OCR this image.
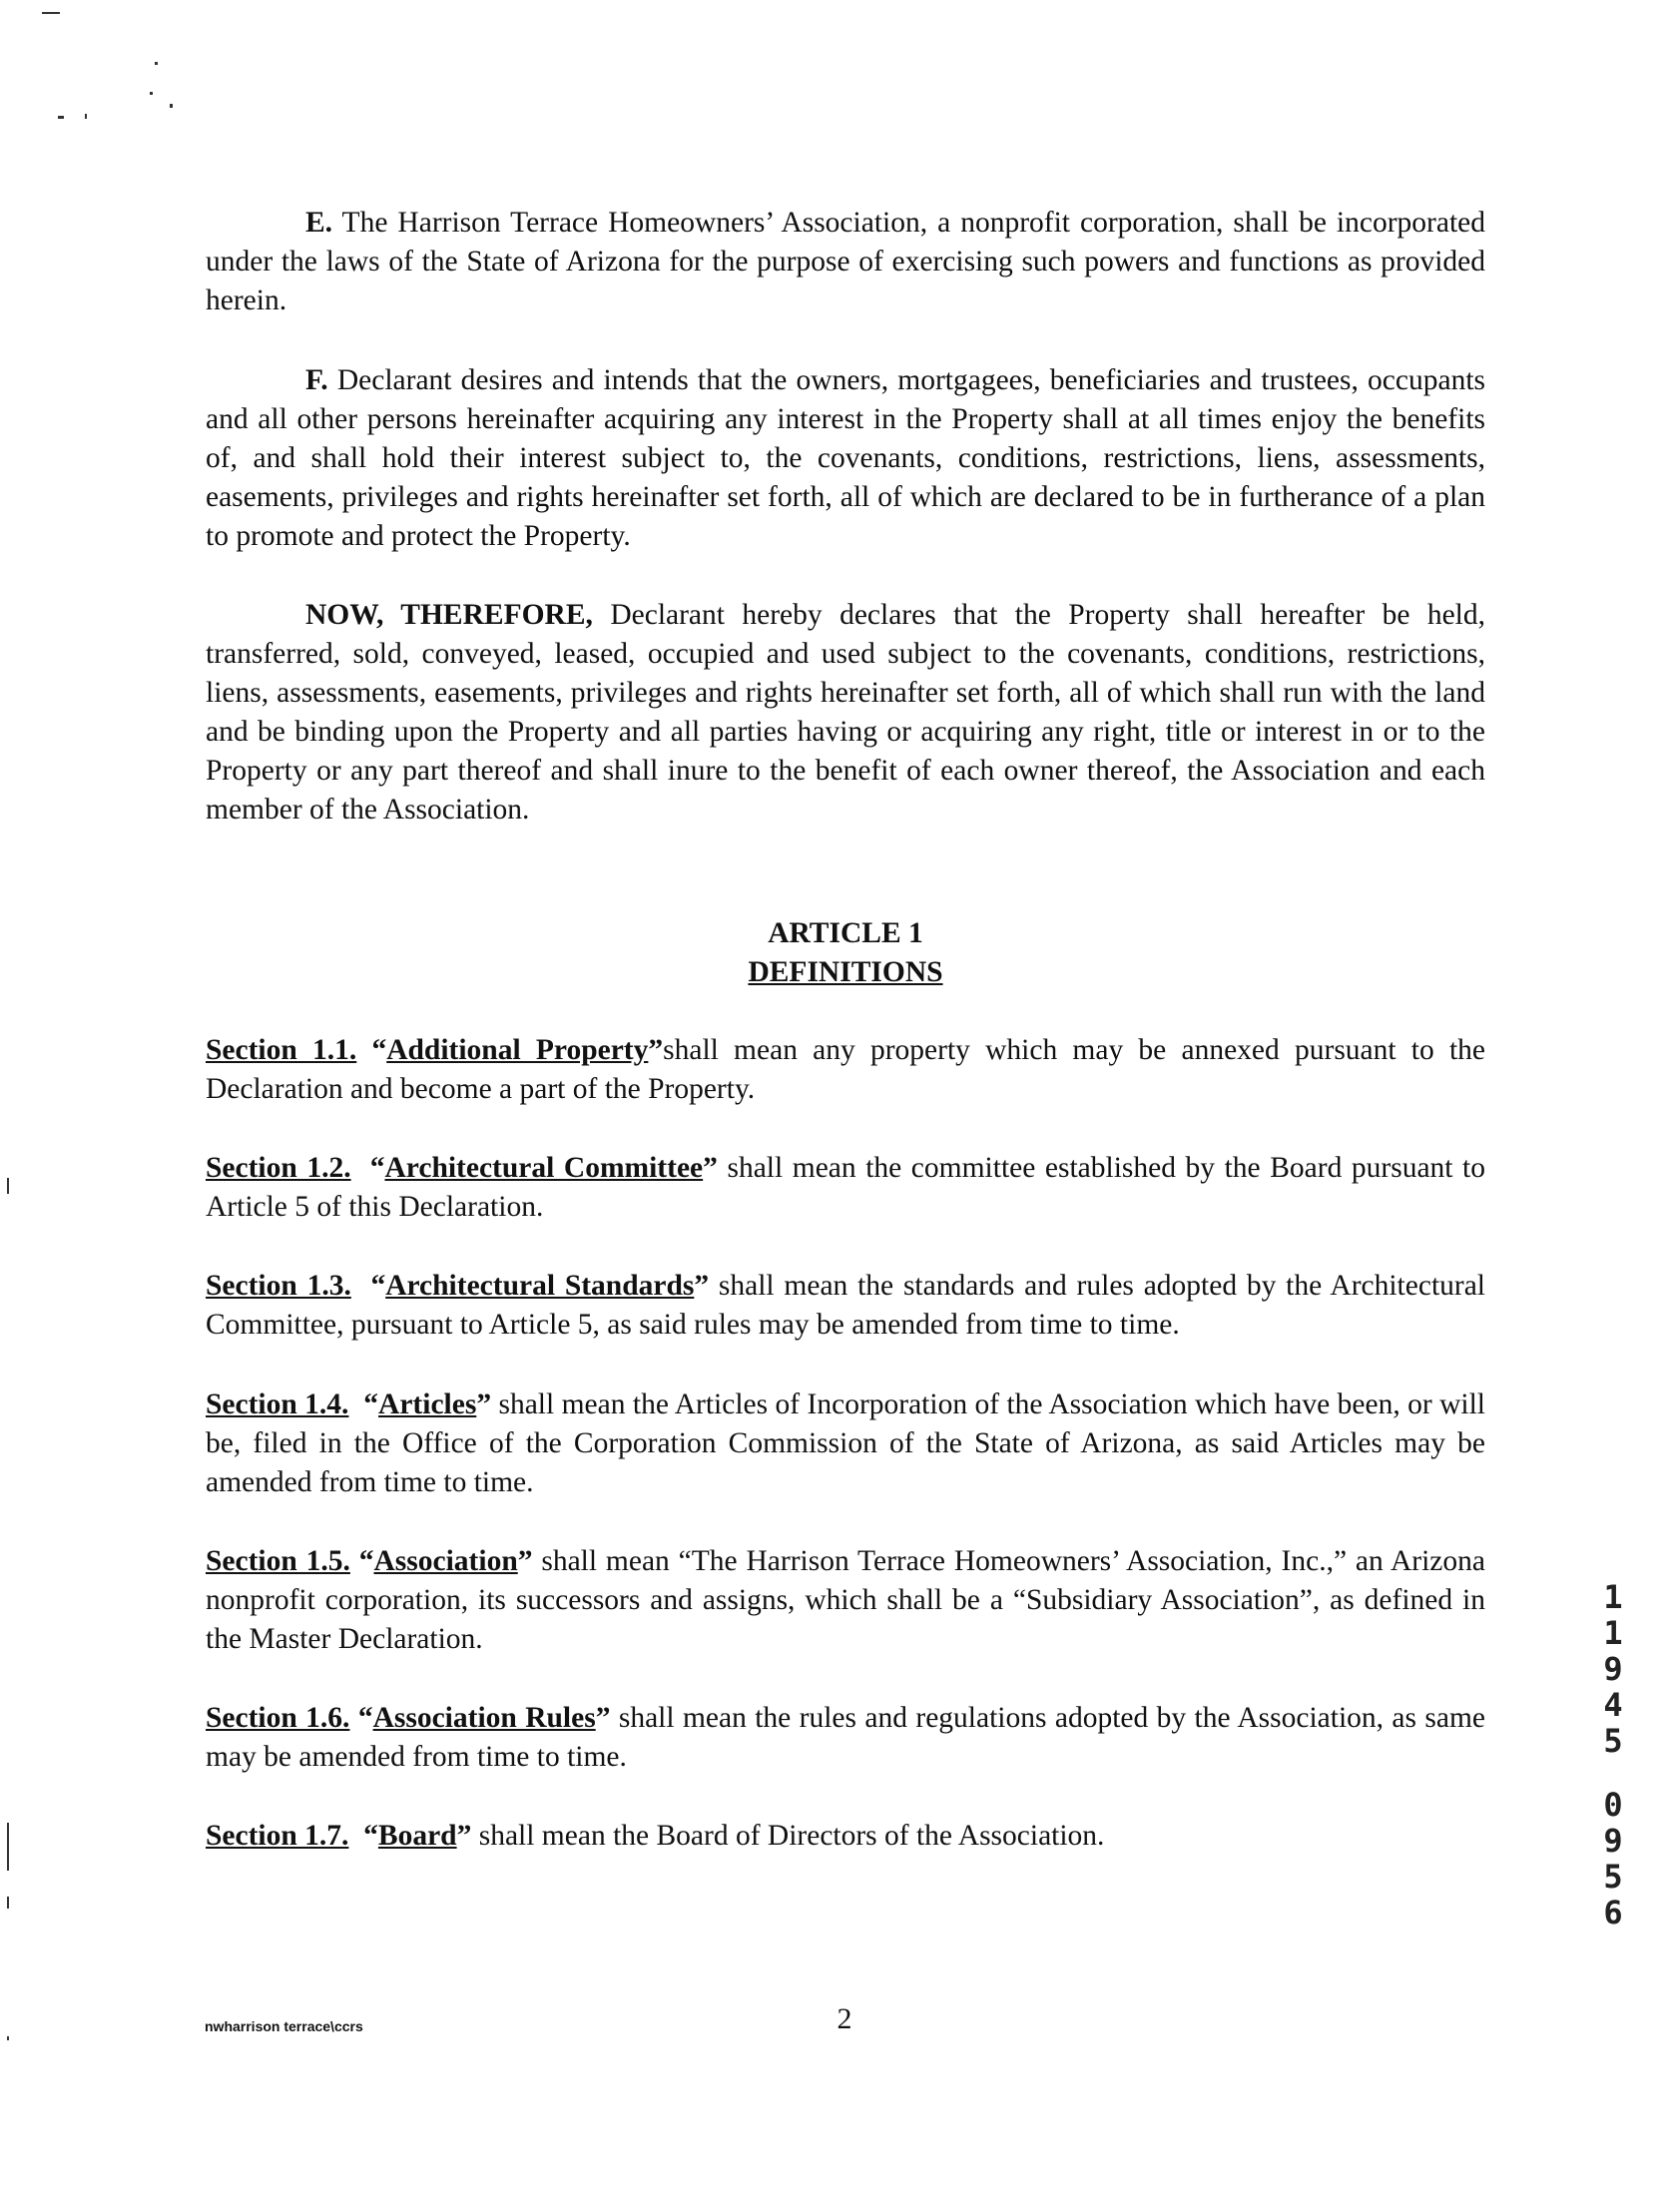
E. The Harrison Terrace Homeowners’ Association, a nonprofit corporation, shall be incorporated under the laws of the State of Arizona for the purpose of exercising such powers and functions as provided herein.

F. Declarant desires and intends that the owners, mortgagees, beneficiaries and trustees, occupants and all other persons hereinafter acquiring any interest in the Property shall at all times enjoy the benefits of, and shall hold their interest subject to, the covenants, conditions, restrictions, liens, assessments, easements, privileges and rights hereinafter set forth, all of which are declared to be in furtherance of a plan to promote and protect the Property.

NOW, THEREFORE, Declarant hereby declares that the Property shall hereafter be held, transferred, sold, conveyed, leased, occupied and used subject to the covenants, conditions, restrictions, liens, assessments, easements, privileges and rights hereinafter set forth, all of which shall run with the land and be binding upon the Property and all parties having or acquiring any right, title or interest in or to the Property or any part thereof and shall inure to the benefit of each owner thereof, the Association and each member of the Association.

ARTICLE 1

DEFINITIONS

Section 1.1. “Additional Property”shall mean any property which may be annexed pursuant to the Declaration and become a part of the Property.

Section 1.2. “Architectural Committee” shall mean the committee established by the Board pursuant to Article 5 of this Declaration.

Section 1.3. “Architectural Standards” shall mean the standards and rules adopted by the Architectural Committee, pursuant to Article 5, as said rules may be amended from time to time.

Section 1.4. “Articles” shall mean the Articles of Incorporation of the Association which have been, or will be, filed in the Office of the Corporation Commission of the State of Arizona, as said Articles may be amended from time to time.

Section 1.5. “Association” shall mean “The Harrison Terrace Homeowners’ Association, Inc.,” an Arizona nonprofit corporation, its successors and assigns, which shall be a “Subsidiary Association”, as defined in the Master Declaration.

Section 1.6. “Association Rules” shall mean the rules and regulations adopted by the Association, as same may be amended from time to time.

Section 1.7. “Board” shall mean the Board of Directors of the Association.

1
1
9
4
5
0
9
5
6
nwharrison terrace\ccrs	2
